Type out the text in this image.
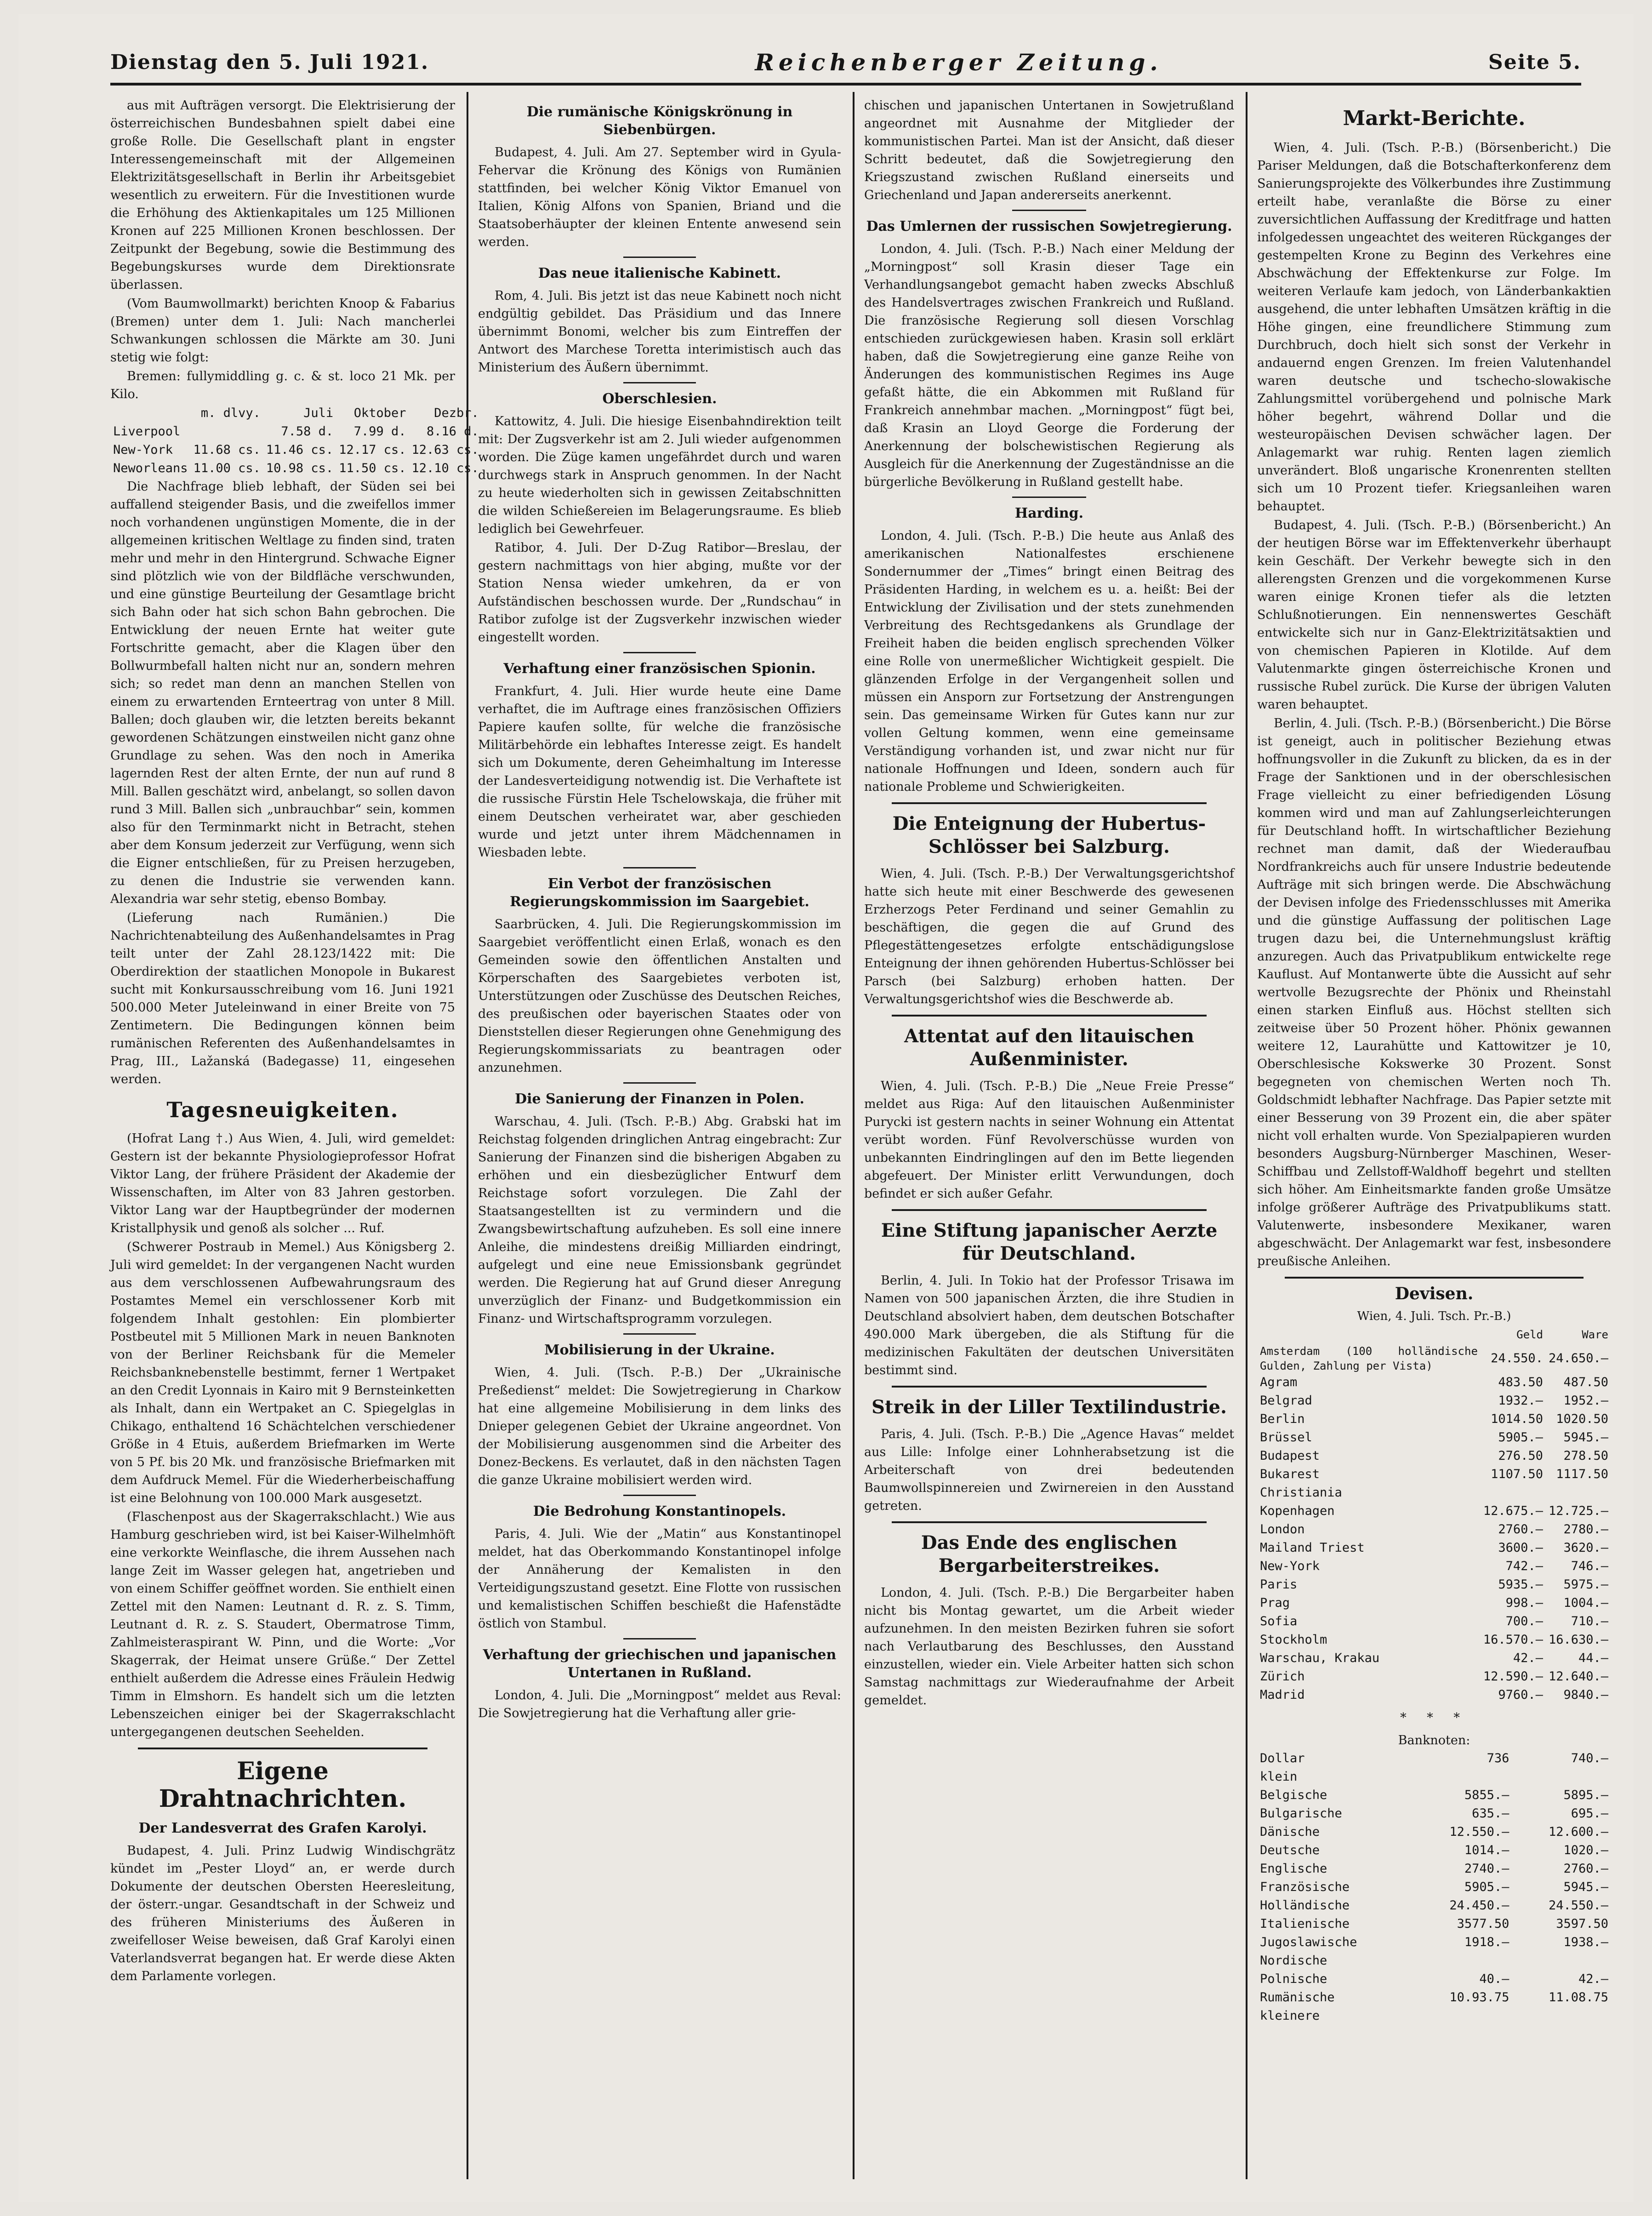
Dienstag den 5. Juli 1921.	Reichenberger Zeitung.	Seite 5.

aus mit Aufträgen versorgt. Die Elektrisierung der österreichischen Bundesbahnen spielt dabei eine große Rolle. Die Gesellschaft plant in engster Interessengemeinschaft mit der Allgemeinen Elektrizitätsgesellschaft in Berlin ihr Arbeitsgebiet wesentlich zu erweitern. Für die Investitionen wurde die Erhöhung des Aktienkapitales um 125 Millionen Kronen auf 225 Millionen Kronen beschlossen. Der Zeitpunkt der Begebung, sowie die Bestimmung des Begebungskurses wurde dem Direktionsrate überlassen.

(Vom Baumwollmarkt) berichten Knoop & Fabarius (Bremen) unter dem 1. Juli: Nach mancherlei Schwankungen schlossen die Märkte am 30. Juni stetig wie folgt:

Bremen: fullymiddling g. c. & st. loco 21 Mk. per Kilo.

	m. dlvy.	Juli	Oktober	Dezbr.
Liverpool		7.58 d.	7.99 d.	8.16 d.
New-York	11.68 cs.	11.46 cs.	12.17 cs.	12.63 cs.
Neworleans	11.00 cs.	10.98 cs.	11.50 cs.	12.10 cs.

Die Nachfrage blieb lebhaft, der Süden sei bei auffallend steigender Basis, und die zweifellos immer noch vorhandenen ungünstigen Momente, die in der allgemeinen kritischen Weltlage zu finden sind, traten mehr und mehr in den Hintergrund. Schwache Eigner sind plötzlich wie von der Bildfläche verschwunden, und eine günstige Beurteilung der Gesamtlage bricht sich Bahn oder hat sich schon Bahn gebrochen. Die Entwicklung der neuen Ernte hat weiter gute Fortschritte gemacht, aber die Klagen über den Bollwurmbefall halten nicht nur an, sondern mehren sich; so redet man denn an manchen Stellen von einem zu erwartenden Ernteertrag von unter 8 Mill. Ballen; doch glauben wir, die letzten bereits bekannt gewordenen Schätzungen einstweilen nicht ganz ohne Grundlage zu sehen. Was den noch in Amerika lagernden Rest der alten Ernte, der nun auf rund 8 Mill. Ballen geschätzt wird, anbelangt, so sollen davon rund 3 Mill. Ballen sich „unbrauchbar“ sein, kommen also für den Terminmarkt nicht in Betracht, stehen aber dem Konsum jederzeit zur Verfügung, wenn sich die Eigner entschließen, für zu Preisen herzugeben, zu denen die Industrie sie verwenden kann. Alexandria war sehr stetig, ebenso Bombay.

(Lieferung nach Rumänien.) Die Nachrichtenabteilung des Außenhandelsamtes in Prag teilt unter der Zahl 28.123/1422 mit: Die Oberdirektion der staatlichen Monopole in Bukarest sucht mit Konkursausschreibung vom 16. Juni 1921 500.000 Meter Juteleinwand in einer Breite von 75 Zentimetern. Die Bedingungen können beim rumänischen Referenten des Außenhandelsamtes in Prag, III., Lažanská (Badegasse) 11, eingesehen werden.

Tagesneuigkeiten.

(Hofrat Lang †.) Aus Wien, 4. Juli, wird gemeldet: Gestern ist der bekannte Physiologieprofessor Hofrat Viktor Lang, der frühere Präsident der Akademie der Wissenschaften, im Alter von 83 Jahren gestorben. Viktor Lang war der Hauptbegründer der modernen Kristallphysik und genoß als solcher ... Ruf.

(Schwerer Postraub in Memel.) Aus Königsberg 2. Juli wird gemeldet: In der vergangenen Nacht wurden aus dem verschlossenen Aufbewahrungsraum des Postamtes Memel ein verschlossener Korb mit folgendem Inhalt gestohlen: Ein plombierter Postbeutel mit 5 Millionen Mark in neuen Banknoten von der Berliner Reichsbank für die Memeler Reichsbanknebenstelle bestimmt, ferner 1 Wertpaket an den Credit Lyonnais in Kairo mit 9 Bernsteinketten als Inhalt, dann ein Wertpaket an C. Spiegelglas in Chikago, enthaltend 16 Schächtelchen verschiedener Größe in 4 Etuis, außerdem Briefmarken im Werte von 5 Pf. bis 20 Mk. und französische Briefmarken mit dem Aufdruck Memel. Für die Wiederherbeischaffung ist eine Belohnung von 100.000 Mark ausgesetzt.

(Flaschenpost aus der Skagerrakschlacht.) Wie aus Hamburg geschrieben wird, ist bei Kaiser-Wilhelmhöft eine verkorkte Weinflasche, die ihrem Aussehen nach lange Zeit im Wasser gelegen hat, angetrieben und von einem Schiffer geöffnet worden. Sie enthielt einen Zettel mit den Namen: Leutnant d. R. z. S. Timm, Leutnant d. R. z. S. Staudert, Obermatrose Timm, Zahlmeisteraspirant W. Pinn, und die Worte: „Vor Skagerrak, der Heimat unsere Grüße.“ Der Zettel enthielt außerdem die Adresse eines Fräulein Hedwig Timm in Elmshorn. Es handelt sich um die letzten Lebenszeichen einiger bei der Skagerrakschlacht untergegangenen deutschen Seehelden.

Eigene Drahtnachrichten.
Der Landesverrat des Grafen Karolyi.

Budapest, 4. Juli. Prinz Ludwig Windischgrätz kündet im „Pester Lloyd“ an, er werde durch Dokumente der deutschen Obersten Heeresleitung, der österr.-ungar. Gesandtschaft in der Schweiz und des früheren Ministeriums des Äußeren in zweifelloser Weise beweisen, daß Graf Karolyi einen Vaterlandsverrat begangen hat. Er werde diese Akten dem Parlamente vorlegen.

Die rumänische Königskrönung in Siebenbürgen.

Budapest, 4. Juli. Am 27. September wird in Gyula-Fehervar die Krönung des Königs von Rumänien stattfinden, bei welcher König Viktor Emanuel von Italien, König Alfons von Spanien, Briand und die Staatsoberhäupter der kleinen Entente anwesend sein werden.

Das neue italienische Kabinett.

Rom, 4. Juli. Bis jetzt ist das neue Kabinett noch nicht endgültig gebildet. Das Präsidium und das Innere übernimmt Bonomi, welcher bis zum Eintreffen der Antwort des Marchese Toretta interimistisch auch das Ministerium des Äußern übernimmt.

Oberschlesien.

Kattowitz, 4. Juli. Die hiesige Eisenbahndirektion teilt mit: Der Zugsverkehr ist am 2. Juli wieder aufgenommen worden. Die Züge kamen ungefährdet durch und waren durchwegs stark in Anspruch genommen. In der Nacht zu heute wiederholten sich in gewissen Zeitabschnitten die wilden Schießereien im Belagerungsraume. Es blieb lediglich bei Gewehrfeuer.

Ratibor, 4. Juli. Der D-Zug Ratibor—Breslau, der gestern nachmittags von hier abging, mußte vor der Station Nensa wieder umkehren, da er von Aufständischen beschossen wurde. Der „Rundschau“ in Ratibor zufolge ist der Zugsverkehr inzwischen wieder eingestellt worden.

Verhaftung einer französischen Spionin.

Frankfurt, 4. Juli. Hier wurde heute eine Dame verhaftet, die im Auftrage eines französischen Offiziers Papiere kaufen sollte, für welche die französische Militärbehörde ein lebhaftes Interesse zeigt. Es handelt sich um Dokumente, deren Geheimhaltung im Interesse der Landesverteidigung notwendig ist. Die Verhaftete ist die russische Fürstin Hele Tschelowskaja, die früher mit einem Deutschen verheiratet war, aber geschieden wurde und jetzt unter ihrem Mädchennamen in Wiesbaden lebte.

Ein Verbot der französischen Regierungskommission im Saargebiet.

Saarbrücken, 4. Juli. Die Regierungskommission im Saargebiet veröffentlicht einen Erlaß, wonach es den Gemeinden sowie den öffentlichen Anstalten und Körperschaften des Saargebietes verboten ist, Unterstützungen oder Zuschüsse des Deutschen Reiches, des preußischen oder bayerischen Staates oder von Dienststellen dieser Regierungen ohne Genehmigung des Regierungskommissariats zu beantragen oder anzunehmen.

Die Sanierung der Finanzen in Polen.

Warschau, 4. Juli. (Tsch. P.-B.) Abg. Grabski hat im Reichstag folgenden dringlichen Antrag eingebracht: Zur Sanierung der Finanzen sind die bisherigen Abgaben zu erhöhen und ein diesbezüglicher Entwurf dem Reichstage sofort vorzulegen. Die Zahl der Staatsangestellten ist zu vermindern und die Zwangsbewirtschaftung aufzuheben. Es soll eine innere Anleihe, die mindestens dreißig Milliarden eindringt, aufgelegt und eine neue Emissionsbank gegründet werden. Die Regierung hat auf Grund dieser Anregung unverzüglich der Finanz- und Budgetkommission ein Finanz- und Wirtschaftsprogramm vorzulegen.

Mobilisierung in der Ukraine.

Wien, 4. Juli. (Tsch. P.-B.) Der „Ukrainische Preßedienst“ meldet: Die Sowjetregierung in Charkow hat eine allgemeine Mobilisierung in dem links des Dnieper gelegenen Gebiet der Ukraine angeordnet. Von der Mobilisierung ausgenommen sind die Arbeiter des Donez-Beckens. Es verlautet, daß in den nächsten Tagen die ganze Ukraine mobilisiert werden wird.

Die Bedrohung Konstantinopels.

Paris, 4. Juli. Wie der „Matin“ aus Konstantinopel meldet, hat das Oberkommando Konstantinopel infolge der Annäherung der Kemalisten in den Verteidigungszustand gesetzt. Eine Flotte von russischen und kemalistischen Schiffen beschießt die Hafenstädte östlich von Stambul.

Verhaftung der griechischen und japanischen Untertanen in Rußland.

London, 4. Juli. Die „Morningpost“ meldet aus Reval: Die Sowjetregierung hat die Verhaftung aller grie-

chischen und japanischen Untertanen in Sowjetrußland angeordnet mit Ausnahme der Mitglieder der kommunistischen Partei. Man ist der Ansicht, daß dieser Schritt bedeutet, daß die Sowjetregierung den Kriegszustand zwischen Rußland einerseits und Griechenland und Japan andererseits anerkennt.

Das Umlernen der russischen Sowjetregierung.

London, 4. Juli. (Tsch. P.-B.) Nach einer Meldung der „Morningpost“ soll Krasin dieser Tage ein Verhandlungsangebot gemacht haben zwecks Abschluß des Handelsvertrages zwischen Frankreich und Rußland. Die französische Regierung soll diesen Vorschlag entschieden zurückgewiesen haben. Krasin soll erklärt haben, daß die Sowjetregierung eine ganze Reihe von Änderungen des kommunistischen Regimes ins Auge gefaßt hätte, die ein Abkommen mit Rußland für Frankreich annehmbar machen. „Morningpost“ fügt bei, daß Krasin an Lloyd George die Forderung der Anerkennung der bolschewistischen Regierung als Ausgleich für die Anerkennung der Zugeständnisse an die bürgerliche Bevölkerung in Rußland gestellt habe.

Harding.

London, 4. Juli. (Tsch. P.-B.) Die heute aus Anlaß des amerikanischen Nationalfestes erschienene Sondernummer der „Times“ bringt einen Beitrag des Präsidenten Harding, in welchem es u. a. heißt: Bei der Entwicklung der Zivilisation und der stets zunehmenden Verbreitung des Rechtsgedankens als Grundlage der Freiheit haben die beiden englisch sprechenden Völker eine Rolle von unermeßlicher Wichtigkeit gespielt. Die glänzenden Erfolge in der Vergangenheit sollen und müssen ein Ansporn zur Fortsetzung der Anstrengungen sein. Das gemeinsame Wirken für Gutes kann nur zur vollen Geltung kommen, wenn eine gemeinsame Verständigung vorhanden ist, und zwar nicht nur für nationale Hoffnungen und Ideen, sondern auch für nationale Probleme und Schwierigkeiten.

Die Enteignung der Hubertus-Schlösser bei Salzburg.

Wien, 4. Juli. (Tsch. P.-B.) Der Verwaltungsgerichtshof hatte sich heute mit einer Beschwerde des gewesenen Erzherzogs Peter Ferdinand und seiner Gemahlin zu beschäftigen, die gegen die auf Grund des Pflegestättengesetzes erfolgte entschädigungslose Enteignung der ihnen gehörenden Hubertus-Schlösser bei Parsch (bei Salzburg) erhoben hatten. Der Verwaltungsgerichtshof wies die Beschwerde ab.

Attentat auf den litauischen Außenminister.

Wien, 4. Juli. (Tsch. P.-B.) Die „Neue Freie Presse“ meldet aus Riga: Auf den litauischen Außenminister Puryckі ist gestern nachts in seiner Wohnung ein Attentat verübt worden. Fünf Revolverschüsse wurden von unbekannten Eindringlingen auf den im Bette liegenden abgefeuert. Der Minister erlitt Verwundungen, doch befindet er sich außer Gefahr.

Eine Stiftung japanischer Aerzte für Deutschland.

Berlin, 4. Juli. In Tokio hat der Professor Trisawa im Namen von 500 japanischen Ärzten, die ihre Studien in Deutschland absolviert haben, dem deutschen Botschafter 490.000 Mark übergeben, die als Stiftung für die medizinischen Fakultäten der deutschen Universitäten bestimmt sind.

Streik in der Liller Textilindustrie.

Paris, 4. Juli. (Tsch. P.-B.) Die „Agence Havas“ meldet aus Lille: Infolge einer Lohnherabsetzung ist die Arbeiterschaft von drei bedeutenden Baumwollspinnereien und Zwirnereien in den Ausstand getreten.

Das Ende des englischen Bergarbeiterstreikes.

London, 4. Juli. (Tsch. P.-B.) Die Bergarbeiter haben nicht bis Montag gewartet, um die Arbeit wieder aufzunehmen. In den meisten Bezirken fuhren sie sofort nach Verlautbarung des Beschlusses, den Ausstand einzustellen, wieder ein. Viele Arbeiter hatten sich schon Samstag nachmittags zur Wiederaufnahme der Arbeit gemeldet.

Markt-Berichte.

Wien, 4. Juli. (Tsch. P.-B.) (Börsenbericht.) Die Pariser Meldungen, daß die Botschafterkonferenz dem Sanierungsprojekte des Völkerbundes ihre Zustimmung erteilt habe, veranlaßte die Börse zu einer zuversichtlichen Auffassung der Kreditfrage und hatten infolgedessen ungeachtet des weiteren Rückganges der gestempelten Krone zu Beginn des Verkehres eine Abschwächung der Effektenkurse zur Folge. Im weiteren Verlaufe kam jedoch, von Länderbankaktien ausgehend, die unter lebhaften Umsätzen kräftig in die Höhe gingen, eine freundlichere Stimmung zum Durchbruch, doch hielt sich sonst der Verkehr in andauernd engen Grenzen. Im freien Valutenhandel waren deutsche und tschecho-slowakische Zahlungsmittel vorübergehend und polnische Mark höher begehrt, während Dollar und die westeuropäischen Devisen schwächer lagen. Der Anlagemarkt war ruhig. Renten lagen ziemlich unverändert. Bloß ungarische Kronenrenten stellten sich um 10 Prozent tiefer. Kriegsanleihen waren behauptet.

Budapest, 4. Juli. (Tsch. P.-B.) (Börsenbericht.) An der heutigen Börse war im Effektenverkehr überhaupt kein Geschäft. Der Verkehr bewegte sich in den allerengsten Grenzen und die vorgekommenen Kurse waren einige Kronen tiefer als die letzten Schlußnotierungen. Ein nennenswertes Geschäft entwickelte sich nur in Ganz-Elektrizitätsaktien und von chemischen Papieren in Klotilde. Auf dem Valutenmarkte gingen österreichische Kronen und russische Rubel zurück. Die Kurse der übrigen Valuten waren behauptet.

Berlin, 4. Juli. (Tsch. P.-B.) (Börsenbericht.) Die Börse ist geneigt, auch in politischer Beziehung etwas hoffnungsvoller in die Zukunft zu blicken, da es in der Frage der Sanktionen und in der oberschlesischen Frage vielleicht zu einer befriedigenden Lösung kommen wird und man auf Zahlungserleichterungen für Deutschland hofft. In wirtschaftlicher Beziehung rechnet man damit, daß der Wiederaufbau Nordfrankreichs auch für unsere Industrie bedeutende Aufträge mit sich bringen werde. Die Abschwächung der Devisen infolge des Friedensschlusses mit Amerika und die günstige Auffassung der politischen Lage trugen dazu bei, die Unternehmungslust kräftig anzuregen. Auch das Privatpublikum entwickelte rege Kauflust. Auf Montanwerte übte die Aussicht auf sehr wertvolle Bezugsrechte der Phönix und Rheinstahl einen starken Einfluß aus. Höchst stellten sich zeitweise über 50 Prozent höher. Phönix gewannen weitere 12, Laurahütte und Kattowitzer je 10, Oberschlesische Kokswerke 30 Prozent. Sonst begegneten von chemischen Werten noch Th. Goldschmidt lebhafter Nachfrage. Das Papier setzte mit einer Besserung von 39 Prozent ein, die aber später nicht voll erhalten wurde. Von Spezialpapieren wurden besonders Augsburg-Nürnberger Maschinen, Weser-Schiffbau und Zellstoff-Waldhoff begehrt und stellten sich höher. Am Einheitsmarkte fanden große Umsätze infolge größerer Aufträge des Privatpublikums statt. Valutenwerte, insbesondere Mexikaner, waren abgeschwächt. Der Anlagemarkt war fest, insbesondere preußische Anleihen.

Devisen.
Wien, 4. Juli. Tsch. Pr.-B.)
	Geld	Ware
Amsterdam (100 holländische Gulden, Zahlung per Vista)	24.550.	24.650.—
Agram	483.50	487.50
Belgrad	1932.—	1952.—
Berlin	1014.50	1020.50
Brüssel	5905.—	5945.—
Budapest	276.50	278.50
Bukarest	1107.50	1117.50
Christiania		
Kopenhagen	12.675.—	12.725.—
London	2760.—	2780.—
Mailand Triest	3600.—	3620.—
New-York	742.—	746.—
Paris	5935.—	5975.—
Prag	998.—	1004.—
Sofia	700.—	710.—
Stockholm	16.570.—	16.630.—
Warschau, Krakau	42.—	44.—
Zürich	12.590.—	12.640.—
Madrid	9760.—	9840.—
* * *
Banknoten:
Dollar	736	740.—
klein		
Belgische	5855.—	5895.—
Bulgarische	635.—	695.—
Dänische	12.550.—	12.600.—
Deutsche	1014.—	1020.—
Englische	2740.—	2760.—
Französische	5905.—	5945.—
Holländische	24.450.—	24.550.—
Italienische	3577.50	3597.50
Jugoslawische	1918.—	1938.—
Nordische		
Polnische	40.—	42.—
Rumänische	10.93.75	11.08.75
kleinere		
